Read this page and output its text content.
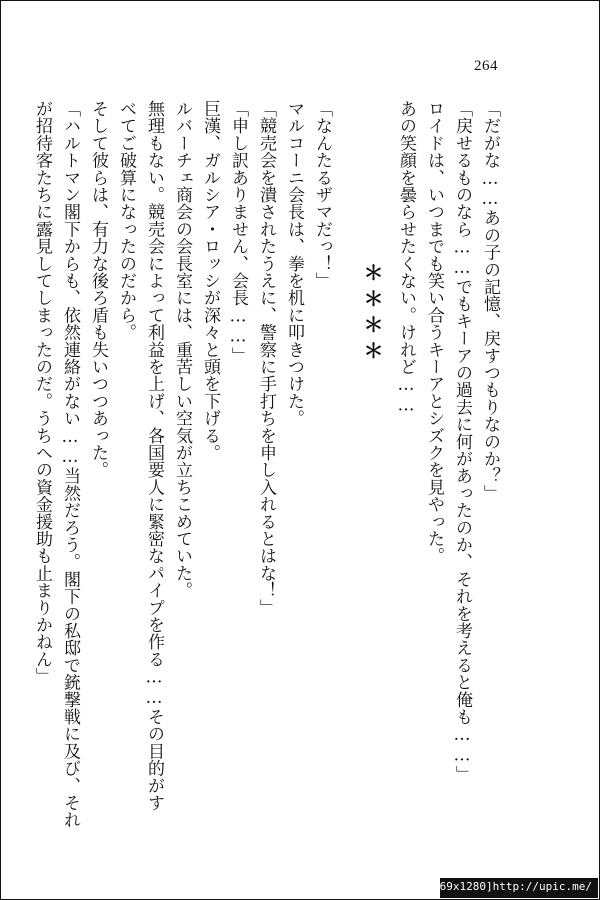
264
「だがな……あの子の記憶、戻すつもりなのか？」
「戻せるものなら……でもキーアの過去に何があったのか、それを考えると俺も……」
ロイドは、いつまでも笑い合うキーアとシズクを見やった。
あの笑顔を曇らせたくない。けれど……
＊＊＊＊
「なんたるザマだっ！」
マルコーニ会長は、拳を机に叩きつけた。
「競売会を潰されたうえに、警察に手打ちを申し入れるとはな！」
「申し訳ありません、会長……」
巨漢、ガルシア・ロッシが深々と頭を下げる。
ルバーチェ商会の会長室には、重苦しい空気が立ちこめていた。
無理もない。競売会によって利益を上げ、各国要人に緊密なパイプを作る……その目的がす
べてご破算になったのだから。
そして彼らは、有力な後ろ盾も失いつつあった。
「ハルトマン閣下からも、依然連絡がない……当然だろう。閣下の私邸で銃撃戦に及び、それ
が招待客たちに露見してしまったのだ。うちへの資金援助も止まりかねん」
[869x1280]http://upic.me/
